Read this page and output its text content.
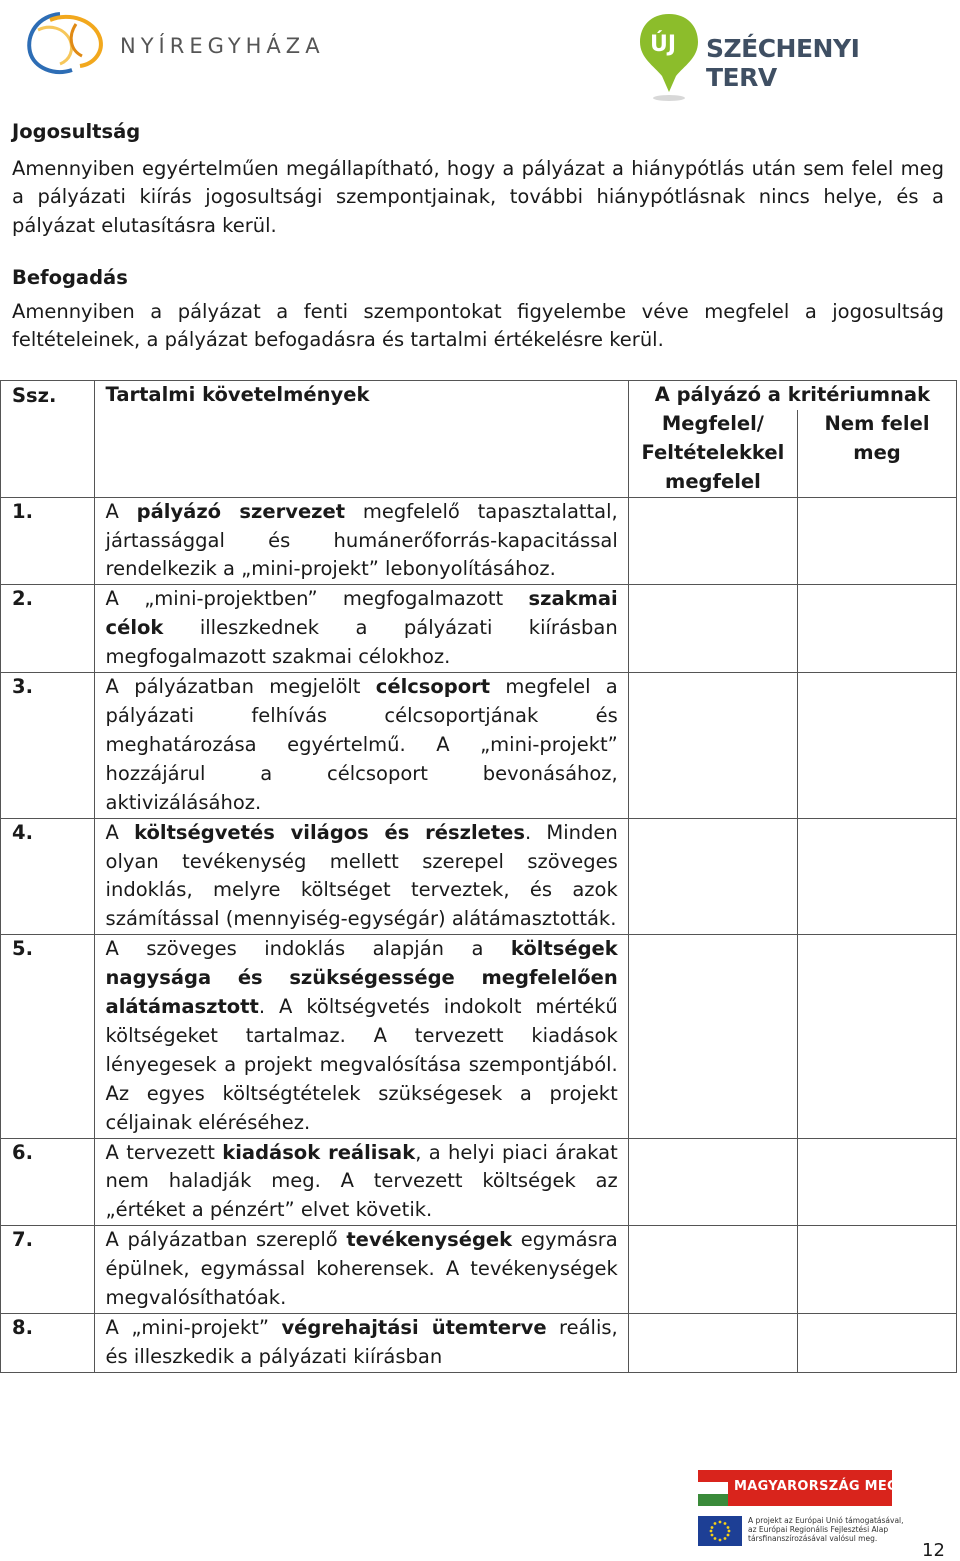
NYÍREGYHÁZA	ÚJ SZÉCHENYI TERV
Jogosultság
Amennyiben egyértelműen megállapítható, hogy a pályázat a hiánypótlás után sem felel meg a pályázati kiírás jogosultsági szempontjainak, további hiánypótlásnak nincs helye, és a pályázat elutasításra kerül.
Befogadás
Amennyiben a pályázat a fenti szempontokat figyelembe véve megfelel a jogosultság feltételeinek, a pályázat befogadásra és tartalmi értékelésre kerül.
Ssz.	Tartalmi követelmények	A pályázó a kritériumnak	
		Megfelel/ Feltételekkel megfelel	Nem felel meg
1.	A pályázó szervezet megfelelő tapasztalattal, jártassággal és humánerőforrás-kapacitással rendelkezik a „mini-projekt” lebonyolításához.		
2.	A „mini-projektben” megfogalmazott szakmai célok illeszkednek a pályázati kiírásban megfogalmazott szakmai célokhoz.		
3.	A pályázatban megjelölt célcsoport megfelel a pályázati felhívás célcsoportjának és meghatározása egyértelmű. A „mini-projekt” hozzájárul a célcsoport bevonásához, aktivizálásához.		
4.	A költségvetés világos és részletes. Minden olyan tevékenység mellett szerepel szöveges indoklás, melyre költséget terveztek, és azok számítással (mennyiség-egységár) alátámasztották.		
5.	A szöveges indoklás alapján a költségek nagysága és szükségessége megfelelően alátámasztott. A költségvetés indokolt mértékű költségeket tartalmaz. A tervezett kiadások lényegesek a projekt megvalósítása szempontjából. Az egyes költségtételek szükségesek a projekt céljainak eléréséhez.		
6.	A tervezett kiadások reálisak, a helyi piaci árakat nem haladják meg. A tervezett költségek az „értéket a pénzért” elvet követik.		
7.	A pályázatban szereplő tevékenységek egymásra épülnek, egymással koherensek. A tevékenységek megvalósíthatóak.		
8.	A „mini-projekt” végrehajtási ütemterve reális, és illeszkedik a pályázati kiírásban		
MAGYARORSZÁG MEGÚJUL
A projekt az Európai Unió támogatásával, az Európai Regionális Fejlesztési Alap társfinanszírozásával valósul meg.
12
